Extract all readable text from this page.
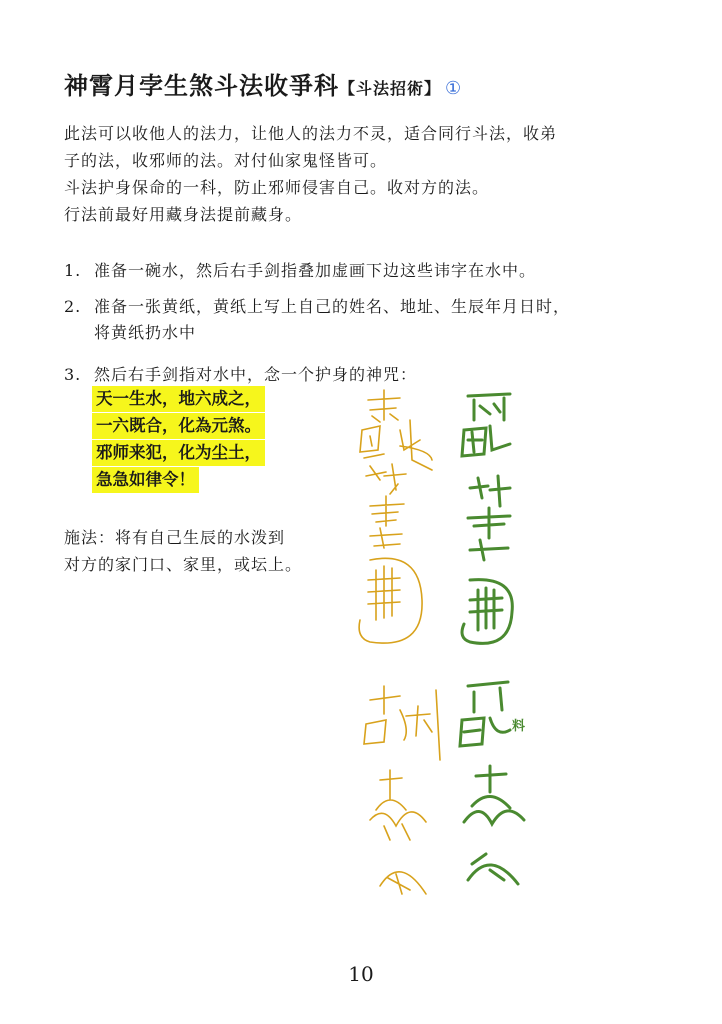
神霄月孛生煞斗法收爭科【斗法招術】 ①

此法可以收他人的法力，让他人的法力不灵，适合同行斗法，收弟

子的法，收邪师的法。对付仙家鬼怪皆可。

斗法护身保命的一科，防止邪师侵害自己。收对方的法。

行法前最好用藏身法提前藏身。

1. 准备一碗水，然后右手剑指叠加虚画下边这些讳字在水中。
2. 准备一张黄纸，黄纸上写上自己的姓名、地址、生辰年月日时，
将黄纸扔水中
3. 然后右手剑指对水中，念一个护身的神咒：
天一生水，地六成之，
一六既合，化為元煞。
邪师来犯，化为尘土，
急急如律令！

施法：将有自己生辰的水泼到

对方的家门口、家里，或坛上。

料
10
